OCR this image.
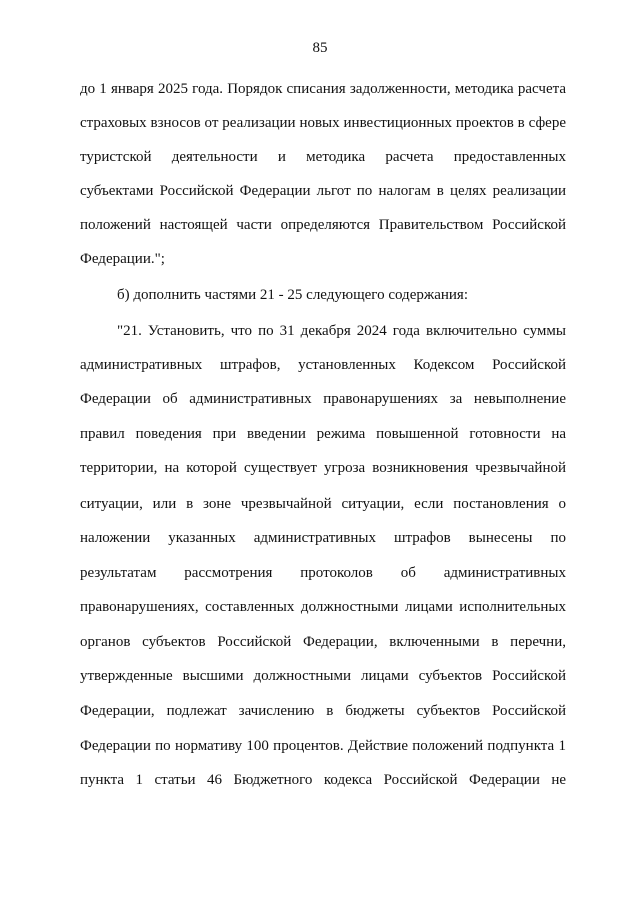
85
до 1 января 2025 года. Порядок списания задолженности, методика расчета
страховых взносов от реализации новых инвестиционных проектов в сфере
туристской деятельности и методика расчета предоставленных
субъектами Российской Федерации льгот по налогам в целях реализации
положений настоящей части определяются Правительством Российской
Федерации.";
б) дополнить частями 21 - 25 следующего содержания:
"21. Установить, что по 31 декабря 2024 года включительно суммы
административных штрафов, установленных Кодексом Российской
Федерации об административных правонарушениях за невыполнение
правил поведения при введении режима повышенной готовности на
территории, на которой существует угроза возникновения чрезвычайной
ситуации, или в зоне чрезвычайной ситуации, если постановления о
наложении указанных административных штрафов вынесены по
результатам рассмотрения протоколов об административных
правонарушениях, составленных должностными лицами исполнительных
органов субъектов Российской Федерации, включенными в перечни,
утвержденные высшими должностными лицами субъектов Российской
Федерации, подлежат зачислению в бюджеты субъектов Российской
Федерации по нормативу 100 процентов. Действие положений подпункта 1
пункта 1 статьи 46 Бюджетного кодекса Российской Федерации не
